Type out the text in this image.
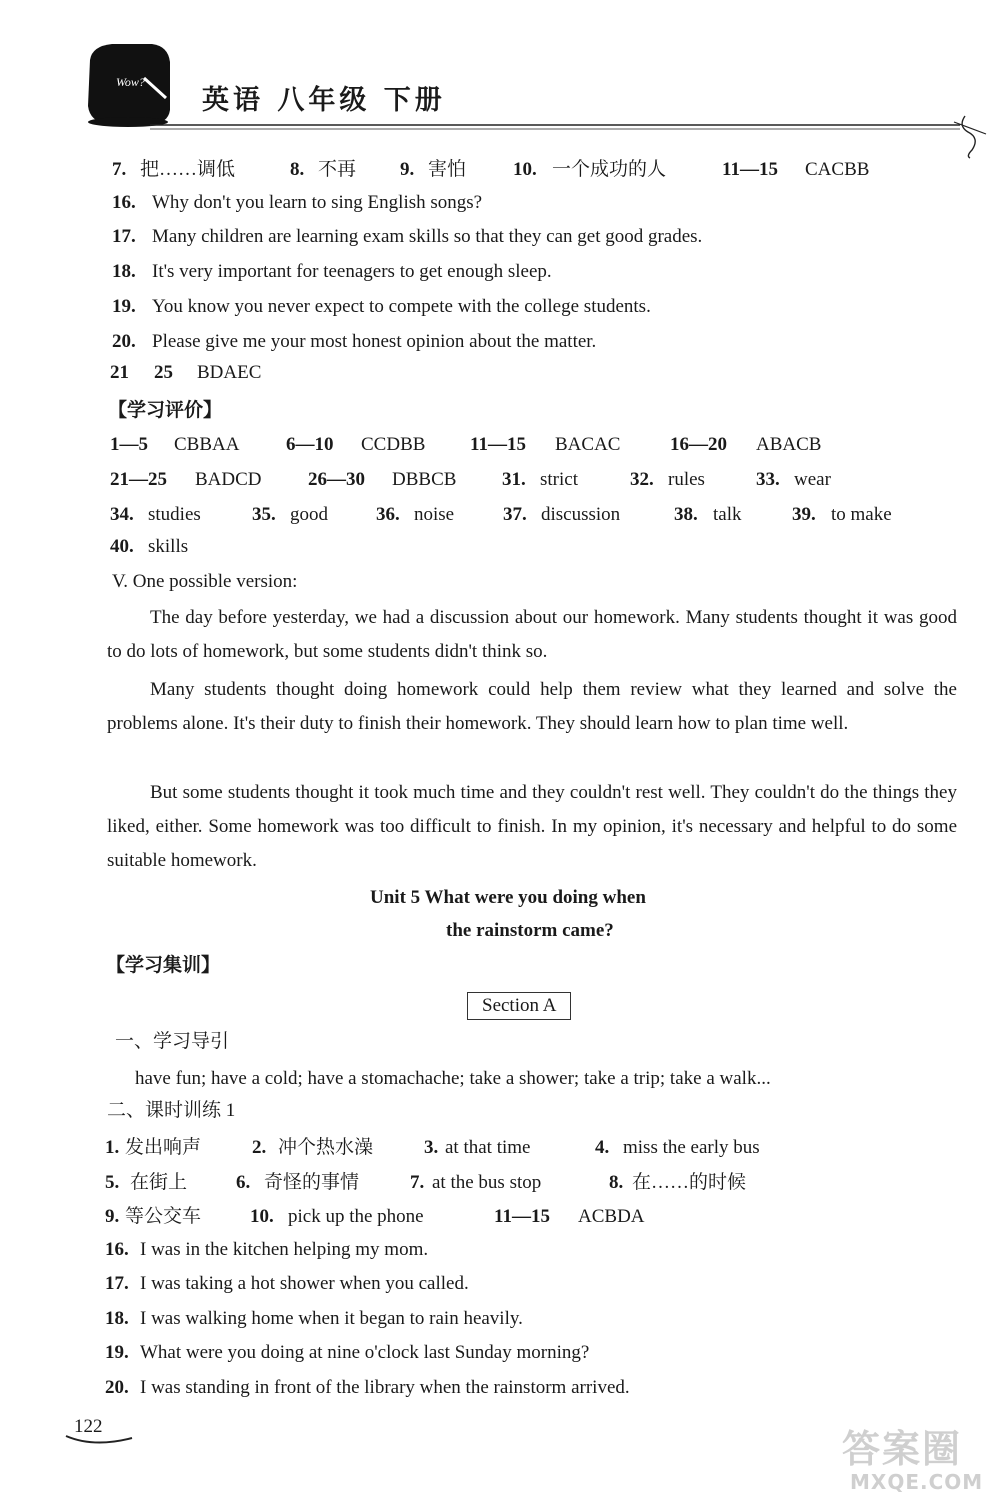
Wow?
英语 八年级 下册
7. 把……调低	8. 不再 9. 害怕 10. 一个成功的人	11—15 CACBB
16. Why don't you learn to sing English songs?
17. Many children are learning exam skills so that they can get good grades.
18. It's very important for teenagers to get enough sleep.
19. You know you never expect to compete with the college students.
20. Please give me your most honest opinion about the matter.
21 25 BDAEC
【学习评价】
1—5 CBBAA 6—10 CCDBB 11—15 BACAC	16—20 ABACB
21—25 BADCD 26—30 DBBCB 31. strict	32. rules	33. wear
34. studies	35. good	36. noise	37. discussion	38. talk	39. to make
40. skills
V. One possible version:
The day before yesterday, we had a discussion about our homework. Many students thought it was good to do lots of homework, but some students didn't think so.
Many students thought doing homework could help them review what they learned and solve the problems alone. It's their duty to finish their homework. They should learn how to plan time well.
But some students thought it took much time and they couldn't rest well. They couldn't do the things they liked, either. Some homework was too difficult to finish. In my opinion, it's necessary and helpful to do some suitable homework.
Unit 5 What were you doing when
the rainstorm came?
【学习集训】
Section A
一、学习导引
have fun; have a cold; have a stomachache; take a shower; take a trip; take a walk...
二、课时训练 1
1. 发出响声	2. 冲个热水澡	3. at that time	4. miss the early bus
5. 在街上	6. 奇怪的事情	7. at the bus stop	8. 在……的时候
9. 等公交车	10. pick up the phone	11—15 ACBDA
16. I was in the kitchen helping my mom.
17. I was taking a hot shower when you called.
18. I was walking home when it began to rain heavily.
19. What were you doing at nine o'clock last Sunday morning?
20. I was standing in front of the library when the rainstorm arrived.
122
答案圈
MXQE.COM
